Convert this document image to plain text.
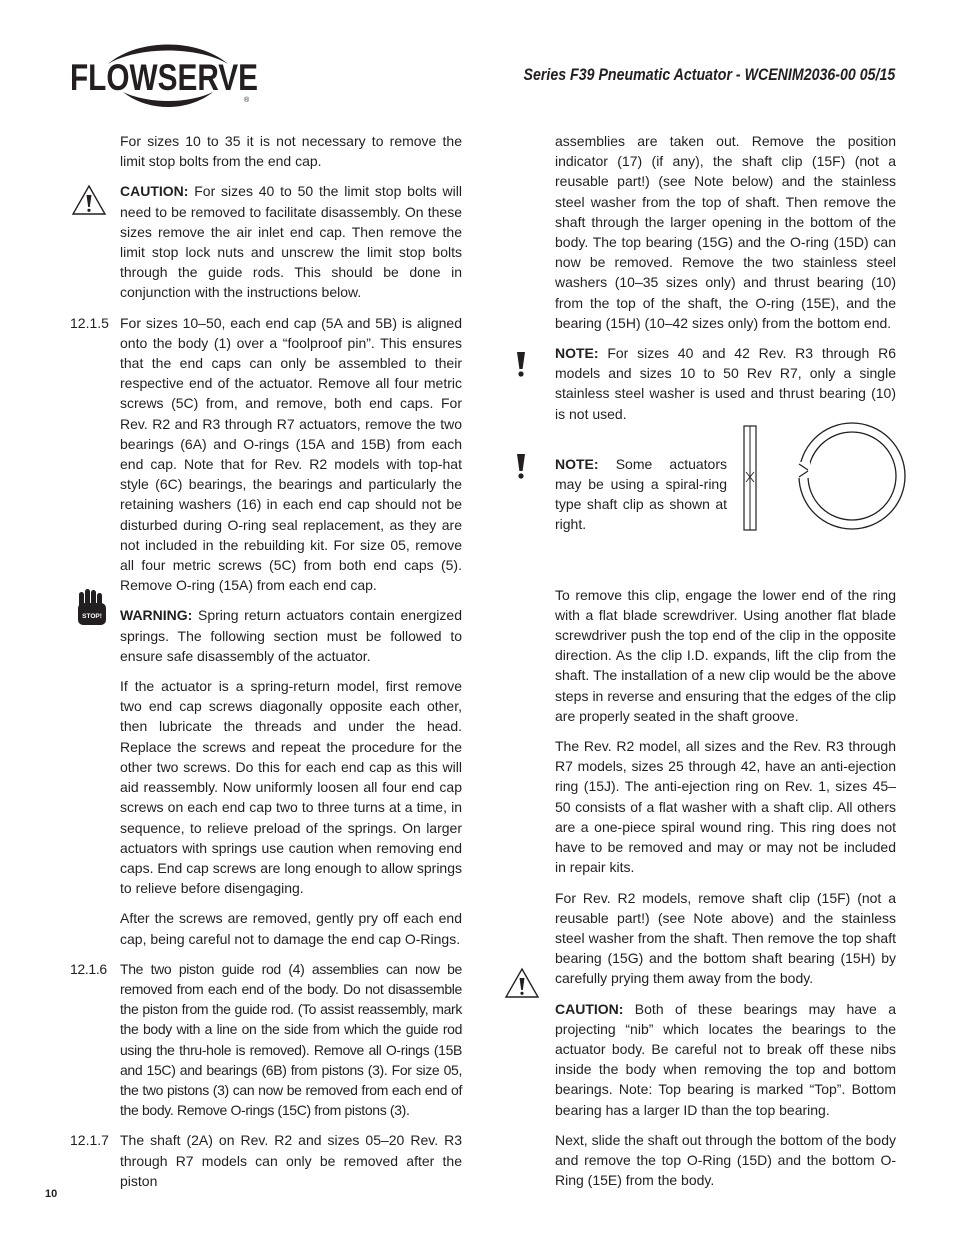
FLOWSERVE
®
Series F39 Pneumatic Actuator - WCENIM2036-00 05/15
STOP!

For sizes 10 to 35 it is not necessary to remove the limit stop bolts from the end cap.

CAUTION: For sizes 40 to 50 the limit stop bolts will need to be removed to facilitate disassembly. On these sizes remove the air inlet end cap. Then remove the limit stop lock nuts and unscrew the limit stop bolts through the guide rods. This should be done in conjunction with the instructions below.

12.1.5 For sizes 10–50, each end cap (5A and 5B) is aligned onto the body (1) over a “foolproof pin”. This ensures that the end caps can only be assembled to their respective end of the actuator. Remove all four metric screws (5C) from, and remove, both end caps. For Rev. R2 and R3 through R7 actuators, remove the two bearings (6A) and O-rings (15A and 15B) from each end cap. Note that for Rev. R2 models with top-hat style (6C) bearings, the bearings and particularly the retaining washers (16) in each end cap should not be disturbed during O-ring seal replacement, as they are not included in the rebuilding kit. For size 05, remove all four metric screws (5C) from both end caps (5). Remove O-ring (15A) from each end cap.

WARNING: Spring return actuators contain energized springs. The following section must be followed to ensure safe disassembly of the actuator.

If the actuator is a spring-return model, first remove two end cap screws diagonally opposite each other, then lubricate the threads and under the head. Replace the screws and repeat the procedure for the other two screws. Do this for each end cap as this will aid reassembly. Now uniformly loosen all four end cap screws on each end cap two to three turns at a time, in sequence, to relieve preload of the springs. On larger actuators with springs use caution when removing end caps. End cap screws are long enough to allow springs to relieve before disengaging.

After the screws are removed, gently pry off each end cap, being careful not to damage the end cap O-Rings.

12.1.6 The two piston guide rod (4) assemblies can now be removed from each end of the body. Do not disassemble the piston from the guide rod. (To assist reassembly, mark the body with a line on the side from which the guide rod using the thru-hole is removed). Remove all O-rings (15B and 15C) and bearings (6B) from pistons (3). For size 05, the two pistons (3) can now be removed from each end of the body. Remove O-rings (15C) from pistons (3).

12.1.7 The shaft (2A) on Rev. R2 and sizes 05–20 Rev. R3 through R7 models can only be removed after the piston

assemblies are taken out. Remove the position indicator (17) (if any), the shaft clip (15F) (not a reusable part!) (see Note below) and the stainless steel washer from the top of shaft. Then remove the shaft through the larger opening in the bottom of the body. The top bearing (15G) and the O-ring (15D) can now be removed. Remove the two stainless steel washers (10–35 sizes only) and thrust bearing (10) from the top of the shaft, the O-ring (15E), and the bearing (15H) (10–42 sizes only) from the bottom end.

NOTE: For sizes 40 and 42 Rev. R3 through R6 models and sizes 10 to 50 Rev R7, only a single stainless steel washer is used and thrust bearing (10) is not used.

NOTE: Some actuators may be using a spiral-ring type shaft clip as shown at right.

To remove this clip, engage the lower end of the ring with a flat blade screwdriver. Using another flat blade screwdriver push the top end of the clip in the opposite direction. As the clip I.D. expands, lift the clip from the shaft. The installation of a new clip would be the above steps in reverse and ensuring that the edges of the clip are properly seated in the shaft groove.

The Rev. R2 model, all sizes and the Rev. R3 through R7 models, sizes 25 through 42, have an anti-ejection ring (15J). The anti-ejection ring on Rev. 1, sizes 45–50 consists of a flat washer with a shaft clip. All others are a one-piece spiral wound ring. This ring does not have to be removed and may or may not be included in repair kits.

For Rev. R2 models, remove shaft clip (15F) (not a reusable part!) (see Note above) and the stainless steel washer from the shaft. Then remove the top shaft bearing (15G) and the bottom shaft bearing (15H) by carefully prying them away from the body.

CAUTION: Both of these bearings may have a projecting “nib” which locates the bearings to the actuator body. Be careful not to break off these nibs inside the body when removing the top and bottom bearings. Note: Top bearing is marked “Top”. Bottom bearing has a larger ID than the top bearing.

Next, slide the shaft out through the bottom of the body and remove the top O-Ring (15D) and the bottom O-Ring (15E) from the body.

10
